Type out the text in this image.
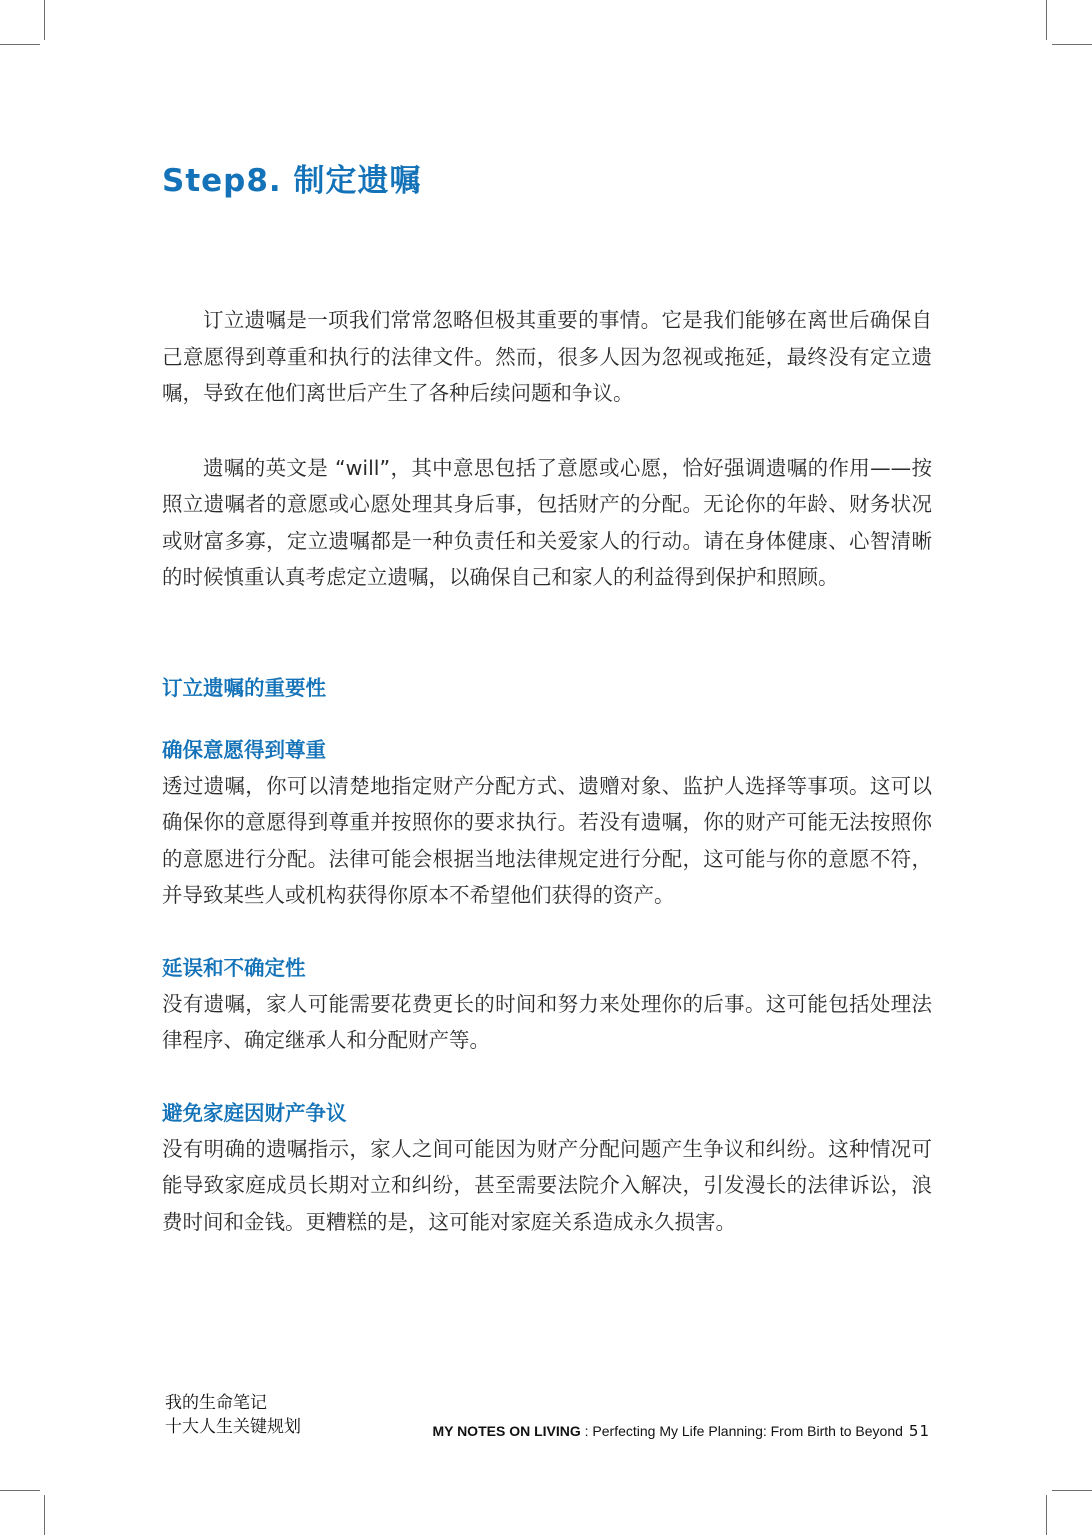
Step8. 制定遗嘱

订立遗嘱是一项我们常常忽略但极其重要的事情。它是我们能够在离世后确保自己意愿得到尊重和执行的法律文件。然而，很多人因为忽视或拖延，最终没有定立遗嘱，导致在他们离世后产生了各种后续问题和争议。

遗嘱的英文是 “will”，其中意思包括了意愿或心愿，恰好强调遗嘱的作用——按照立遗嘱者的意愿或心愿处理其身后事，包括财产的分配。无论你的年龄、财务状况或财富多寡，定立遗嘱都是一种负责任和关爱家人的行动。请在身体健康、心智清晰的时候慎重认真考虑定立遗嘱，以确保自己和家人的利益得到保护和照顾。

订立遗嘱的重要性
确保意愿得到尊重

透过遗嘱，你可以清楚地指定财产分配方式、遗赠对象、监护人选择等事项。这可以确保你的意愿得到尊重并按照你的要求执行。若没有遗嘱，你的财产可能无法按照你的意愿进行分配。法律可能会根据当地法律规定进行分配，这可能与你的意愿不符，并导致某些人或机构获得你原本不希望他们获得的资产。

延误和不确定性

没有遗嘱，家人可能需要花费更长的时间和努力来处理你的后事。这可能包括处理法律程序、确定继承人和分配财产等。

避免家庭因财产争议

没有明确的遗嘱指示，家人之间可能因为财产分配问题产生争议和纠纷。这种情况可能导致家庭成员长期对立和纠纷，甚至需要法院介入解决，引发漫长的法律诉讼，浪费时间和金钱。更糟糕的是，这可能对家庭关系造成永久损害。

我的生命笔记
十大人生关键规划	MY NOTES ON LIVING : Perfecting My Life Planning: From Birth to Beyond 51
